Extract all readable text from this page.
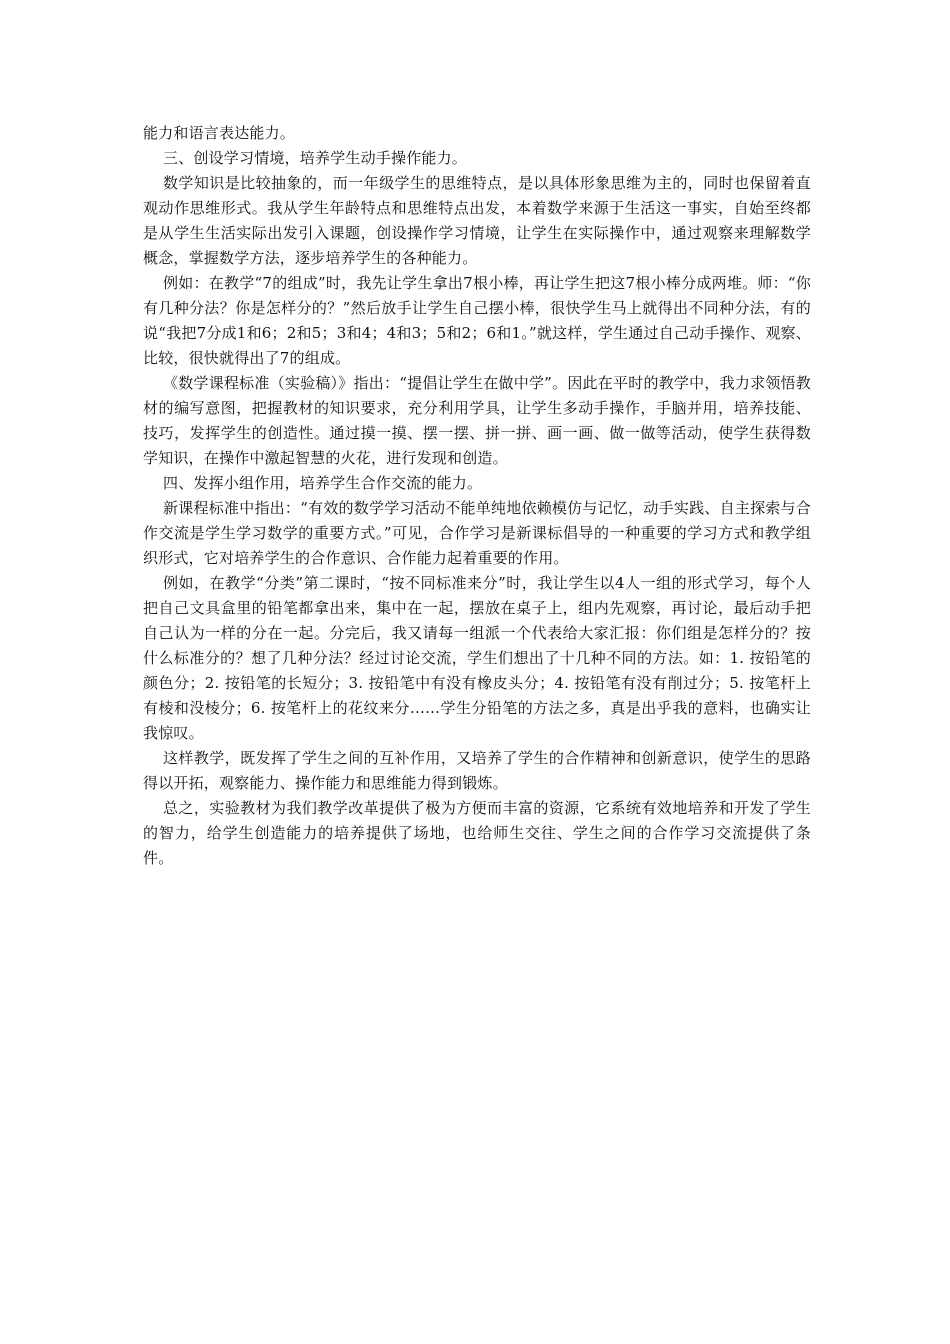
能力和语言表达能力。

三、创设学习情境，培养学生动手操作能力。

数学知识是比较抽象的，而一年级学生的思维特点，是以具体形象思维为主的，同时也保留着直观动作思维形式。我从学生年龄特点和思维特点出发，本着数学来源于生活这一事实，自始至终都是从学生生活实际出发引入课题，创设操作学习情境，让学生在实际操作中，通过观察来理解数学概念，掌握数学方法，逐步培养学生的各种能力。

例如：在教学“7的组成”时，我先让学生拿出7根小棒，再让学生把这7根小棒分成两堆。师：“你有几种分法？你是怎样分的？”然后放手让学生自己摆小棒，很快学生马上就得出不同种分法，有的说“我把7分成1和6；2和5；3和4；4和3；5和2；6和1。”就这样，学生通过自己动手操作、观察、比较，很快就得出了7的组成。

《数学课程标准（实验稿）》指出：“提倡让学生在做中学”。因此在平时的教学中，我力求领悟教材的编写意图，把握教材的知识要求，充分利用学具，让学生多动手操作，手脑并用，培养技能、技巧，发挥学生的创造性。通过摸一摸、摆一摆、拼一拼、画一画、做一做等活动，使学生获得数学知识，在操作中激起智慧的火花，进行发现和创造。

四、发挥小组作用，培养学生合作交流的能力。

新课程标准中指出：“有效的数学学习活动不能单纯地依赖模仿与记忆，动手实践、自主探索与合作交流是学生学习数学的重要方式。”可见，合作学习是新课标倡导的一种重要的学习方式和教学组织形式，它对培养学生的合作意识、合作能力起着重要的作用。

例如，在教学“分类”第二课时，“按不同标准来分”时，我让学生以4人一组的形式学习，每个人把自己文具盒里的铅笔都拿出来，集中在一起，摆放在桌子上，组内先观察，再讨论，最后动手把自己认为一样的分在一起。分完后，我又请每一组派一个代表给大家汇报：你们组是怎样分的？按什么标准分的？想了几种分法？经过讨论交流，学生们想出了十几种不同的方法。如：1. 按铅笔的颜色分；2. 按铅笔的长短分；3. 按铅笔中有没有橡皮头分；4. 按铅笔有没有削过分；5. 按笔杆上有棱和没棱分；6. 按笔杆上的花纹来分……学生分铅笔的方法之多，真是出乎我的意料，也确实让我惊叹。

这样教学，既发挥了学生之间的互补作用，又培养了学生的合作精神和创新意识，使学生的思路得以开拓，观察能力、操作能力和思维能力得到锻炼。

总之，实验教材为我们教学改革提供了极为方便而丰富的资源，它系统有效地培养和开发了学生的智力，给学生创造能力的培养提供了场地，也给师生交往、学生之间的合作学习交流提供了条件。
